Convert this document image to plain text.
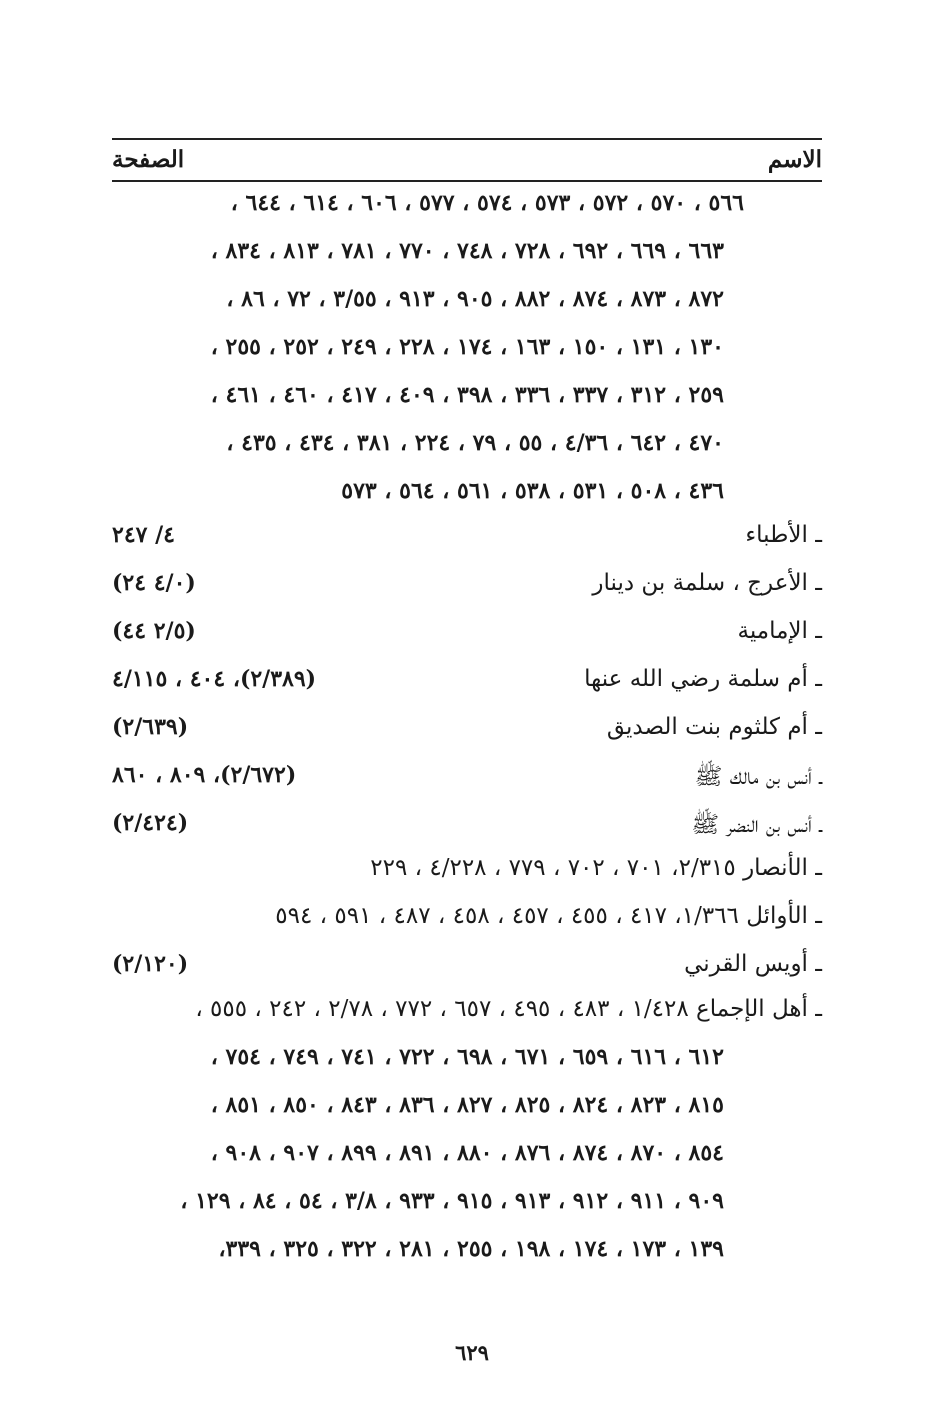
الاسم
الصفحة
٥٦٦ ، ٥٧٠ ، ٥٧٢ ، ٥٧٣ ، ٥٧٤ ، ٥٧٧ ، ٦٠٦ ، ٦١٤ ، ٦٤٤ ،
٦٦٣ ، ٦٦٩ ، ٦٩٢ ، ٧٢٨ ، ٧٤٨ ، ٧٧٠ ، ٧٨١ ، ٨١٣ ، ٨٣٤ ،
٨٧٢ ، ٨٧٣ ، ٨٧٤ ، ٨٨٢ ، ٩٠٥ ، ٩١٣ ، ٣/٥٥ ، ٧٢ ، ٨٦ ،
١٣٠ ، ١٣١ ، ١٥٠ ، ١٦٣ ، ١٧٤ ، ٢٢٨ ، ٢٤٩ ، ٢٥٢ ، ٢٥٥ ،
٢٥٩ ، ٣١٢ ، ٣٣٧ ، ٣٣٦ ، ٣٩٨ ، ٤٠٩ ، ٤١٧ ، ٤٦٠ ، ٤٦١ ،
٤٧٠ ، ٦٤٢ ، ٤/٣٦ ، ٥٥ ، ٧٩ ، ٢٢٤ ، ٣٨١ ، ٤٣٤ ، ٤٣٥ ،
٤٣٦ ، ٥٠٨ ، ٥٣١ ، ٥٣٨ ، ٥٦١ ، ٥٦٤ ، ٥٧٣
ـ الأطباء
٤/ ٢٤٧
ـ الأعرج ، سلمة بن دينار
(٤/٠ ٢٤)
ـ الإمامية
(٢/٥ ٤٤)
ـ أم سلمة رضي الله عنها
(٢/٣٨٩)، ٤٠٤ ، ٤/١١٥
ـ أم كلثوم بنت الصديق
(٢/٦٣٩)
ـ أنس بن مالك ﷺ
(٢/٦٧٢)، ٨٠٩ ، ٨٦٠
ـ أنس بن النضر ﷺ
(٢/٤٢٤)
ـ الأنصار ٢/٣١٥، ٧٠١ ، ٧٠٢ ، ٧٧٩ ، ٤/٢٢٨ ، ٢٢٩
ـ الأوائل ١/٣٦٦، ٤١٧ ، ٤٥٥ ، ٤٥٧ ، ٤٥٨ ، ٤٨٧ ، ٥٩١ ، ٥٩٤
ـ أويس القرني
(٢/١٢٠)
ـ أهل الإجماع ١/٤٢٨ ، ٤٨٣ ، ٤٩٥ ، ٦٥٧ ، ٧٧٢ ، ٢/٧٨ ، ٢٤٢ ، ٥٥٥ ،
٦١٢ ، ٦١٦ ، ٦٥٩ ، ٦٧١ ، ٦٩٨ ، ٧٢٢ ، ٧٤١ ، ٧٤٩ ، ٧٥٤ ،
٨١٥ ، ٨٢٣ ، ٨٢٤ ، ٨٢٥ ، ٨٢٧ ، ٨٣٦ ، ٨٤٣ ، ٨٥٠ ، ٨٥١ ،
٨٥٤ ، ٨٧٠ ، ٨٧٤ ، ٨٧٦ ، ٨٨٠ ، ٨٩١ ، ٨٩٩ ، ٩٠٧ ، ٩٠٨ ،
٩٠٩ ، ٩١١ ، ٩١٢ ، ٩١٣ ، ٩١٥ ، ٩٣٣ ، ٣/٨ ، ٥٤ ، ٨٤ ، ١٢٩ ،
١٣٩ ، ١٧٣ ، ١٧٤ ، ١٩٨ ، ٢٥٥ ، ٢٨١ ، ٣٢٢ ، ٣٢٥ ، ٣٣٩،
٦٢٩
